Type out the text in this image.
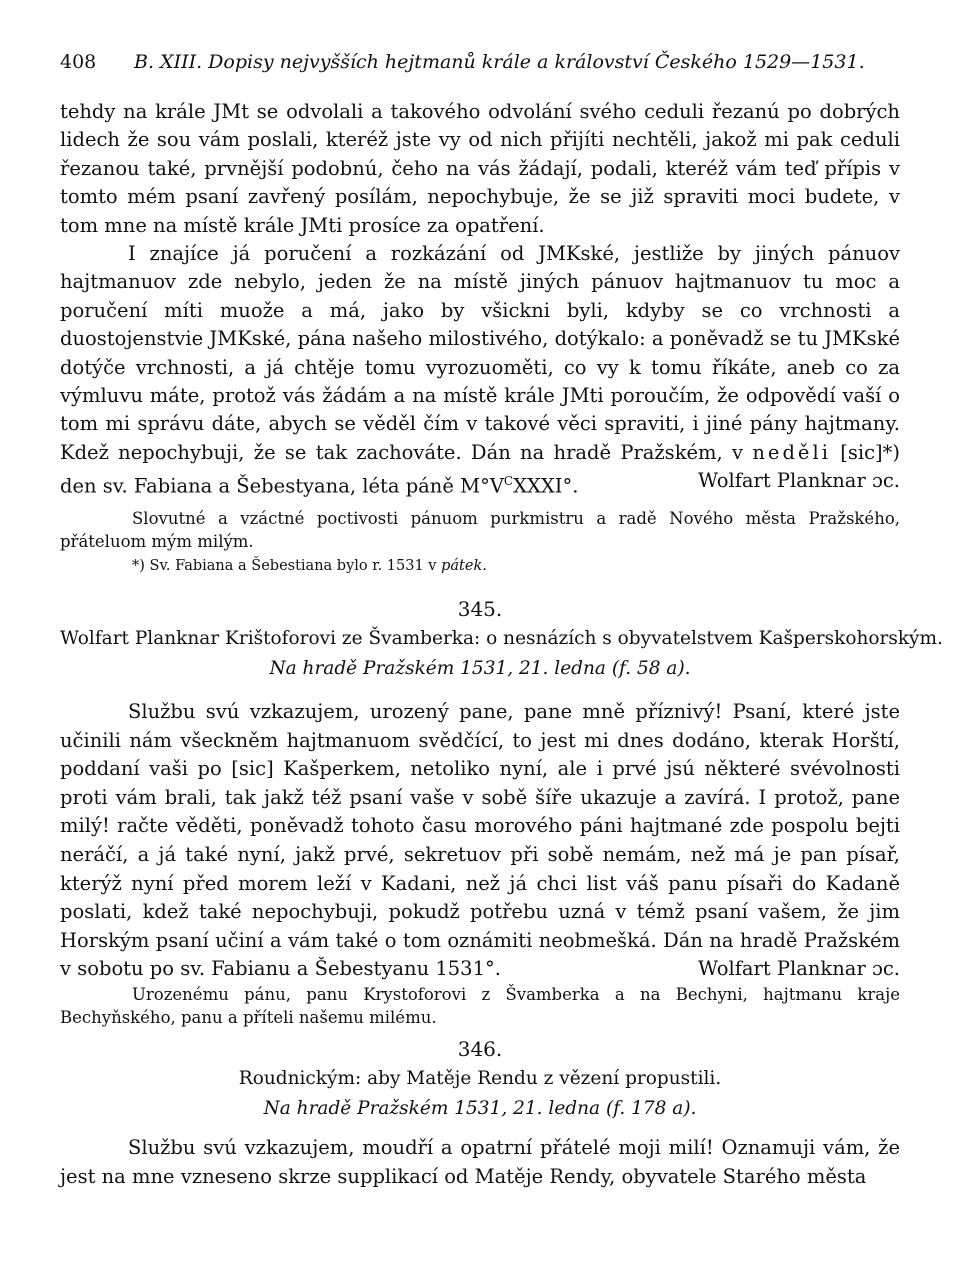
408 B. XIII. Dopisy nejvyšších hejtmanů krále a království Českého 1529—1531.

tehdy na krále JMt se odvolali a takového odvolání svého ceduli řezanú po dobrých lidech že sou vám poslali, kteréž jste vy od nich přijíti nechtěli, jakož mi pak ceduli řezanou také, prvnější podobnú, čeho na vás žádají, podali, kteréž vám teď přípis v tomto mém psaní zavřený posílám, nepochybuje, že se již spraviti moci budete, v tom mne na místě krále JMti prosíce za opatření.

I znajíce já poručení a rozkázání od JMKské, jestliže by jiných pánuov hajtmanuov zde nebylo, jeden že na místě jiných pánuov hajtmanuov tu moc a poručení míti muože a má, jako by všickni byli, kdyby se co vrchnosti a duostojenstvie JMKské, pána našeho milostivého, dotýkalo: a poněvadž se tu JMKské dotýče vrchnosti, a já chtěje tomu vyrozuoměti, co vy k tomu říkáte, aneb co za výmluvu máte, protož vás žádám a na místě krále JMti poroučím, že odpovědí vaší o tom mi správu dáte, abych se věděl čím v takové věci spraviti, i jiné pány hajtmany. Kdež nepochybuji, že se tak zachováte. Dán na hradě Pražském, v neděli [sic]*) den sv. Fabiana a Šebestyana, léta páně $M^\circ V^CXXXI^\circ$.	Wolfart Planknar ɔc.

Slovutné a vzáctné poctivosti pánuom purkmistru a radě Nového města Pražského, přáteluom mým milým.

*) Sv. Fabiana a Šebestiana bylo r. 1531 v pátek.

345.

Wolfart Planknar Krištoforovi ze Švamberka: o nesnázích s obyvatelstvem Kašperskohorským.

Na hradě Pražském 1531, 21. ledna (f. 58 a).

Službu svú vzkazujem, urozený pane, pane mně příznivý! Psaní, které jste učinili nám všeckněm hajtmanuom svědčící, to jest mi dnes dodáno, kterak Horští, poddaní vaši po [sic] Kašperkem, netoliko nyní, ale i prvé jsú některé svévolnosti proti vám brali, tak jakž též psaní vaše v sobě šíře ukazuje a zavírá. I protož, pane milý! račte věděti, poněvadž tohoto času morového páni hajtmané zde pospolu bejti neráčí, a já také nyní, jakž prvé, sekretuov při sobě nemám, než má je pan písař, kterýž nyní před morem leží v Kadani, než já chci list váš panu písaři do Kadaně poslati, kdež také nepochybuji, pokudž potřebu uzná v témž psaní vašem, že jim Horským psaní učiní a vám také o tom oznámiti neobmešká. Dán na hradě Pražském v sobotu po sv. Fabianu a Šebestyanu 1531°.	Wolfart Planknar ɔc.

Urozenému pánu, panu Krystoforovi z Švamberka a na Bechyni, hajtmanu kraje Bechyňského, panu a příteli našemu milému.

346.

Roudnickým: aby Matěje Rendu z vězení propustili.

Na hradě Pražském 1531, 21. ledna (f. 178 a).

Službu svú vzkazujem, moudří a opatrní přátelé moji milí! Oznamuji vám, že jest na mne vzneseno skrze supplikací od Matěje Rendy, obyvatele Starého města
